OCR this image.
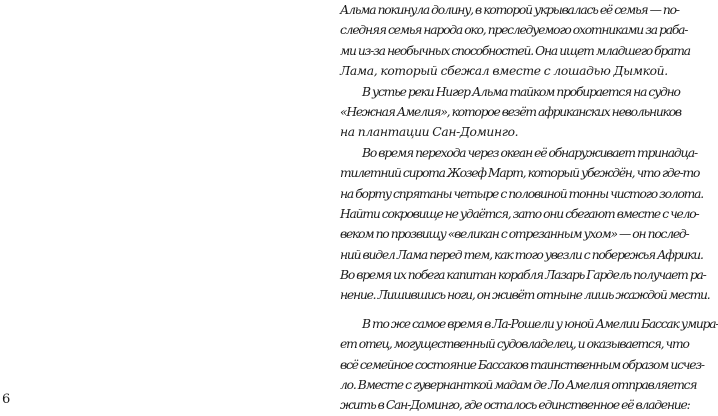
Альма покинула долину, в которой укрывалась её семья — по-
следняя семья народа око, преследуемого охотниками за раба-
ми из-за необычных способностей. Она ищет младшего брата
Лама, который сбежал вместе с лошадью Дымкой.

В устье реки Нигер Альма тайком пробирается на судно
«Нежная Амелия», которое везёт африканских невольников
на плантации Сан-Доминго.

Во время перехода через океан её обнаруживает тринадца-
тилетний сирота Жозеф Март, который убеждён, что где-то
на борту спрятаны четыре с половиной тонны чистого золота.
Найти сокровище не удаётся, зато они сбегают вместе с чело-
веком по прозвищу «великан с отрезанным ухом» — он послед-
ний видел Лама перед тем, как того увезли с побережья Африки.
Во время их побега капитан корабля Лазарь Гардель получает ра-
нение. Лишившись ноги, он живёт отныне лишь жаждой мести.

В то же самое время в Ла-Рошели у юной Амелии Бассак умира-
ет отец, могущественный судовладелец, и оказывается, что
всё семейное состояние Бассаков таинственным образом исчез-
ло. Вместе с гувернанткой мадам де Ло Амелия отправляется
жить в Сан-Доминго, где осталось единственное её владение:

6
